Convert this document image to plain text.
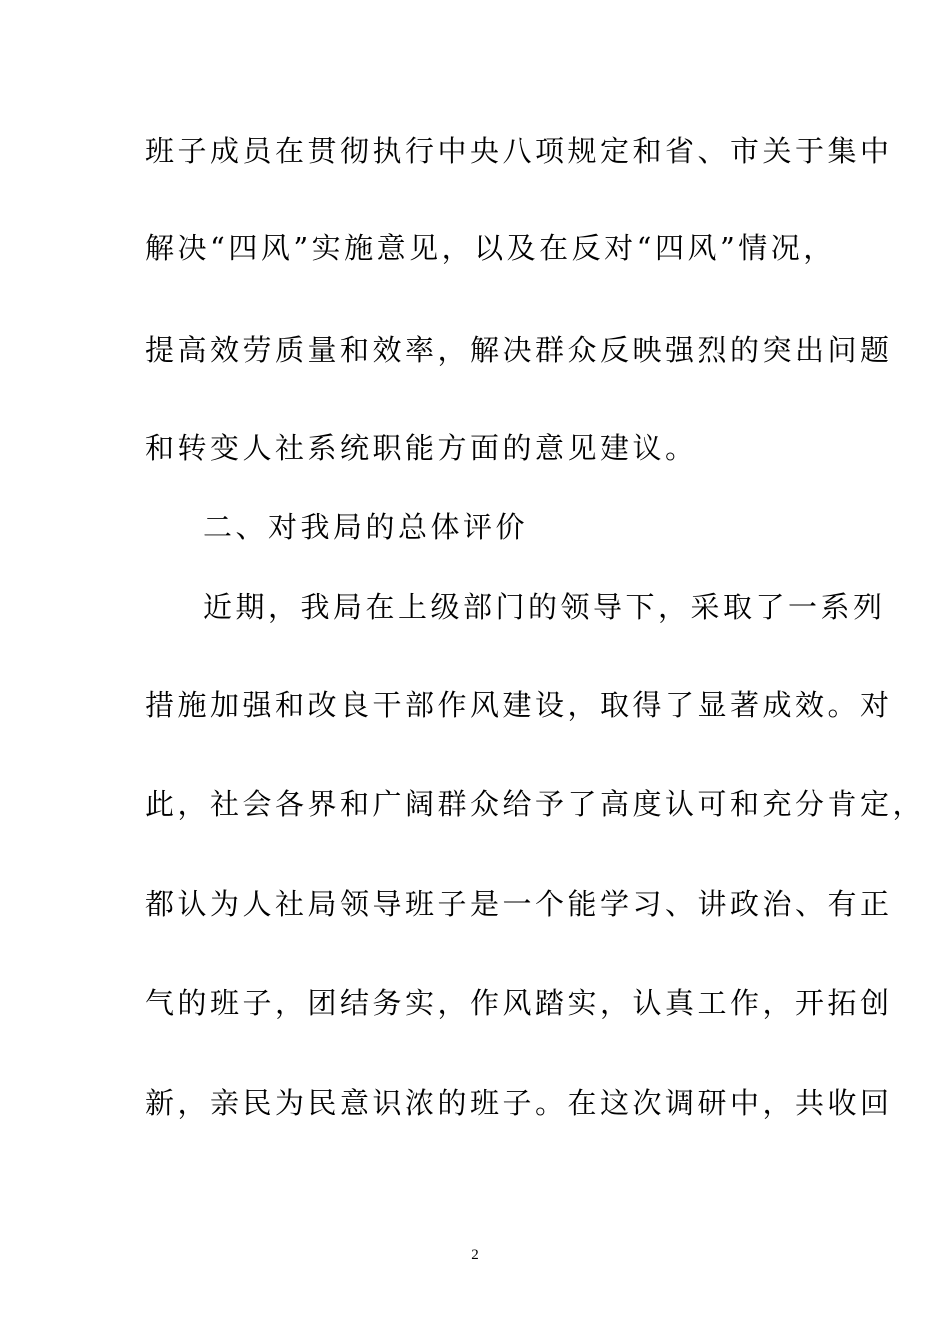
班子成员在贯彻执行中央八项规定和省、市关于集中
解决“四风”实施意见，以及在反对“四风”情况，
提高效劳质量和效率，解决群众反映强烈的突出问题
和转变人社系统职能方面的意见建议。
二、对我局的总体评价
近期，我局在上级部门的领导下，采取了一系列
措施加强和改良干部作风建设，取得了显著成效。对
此，社会各界和广阔群众给予了高度认可和充分肯定，
都认为人社局领导班子是一个能学习、讲政治、有正
气的班子，团结务实，作风踏实，认真工作，开拓创
新，亲民为民意识浓的班子。在这次调研中，共收回
2
